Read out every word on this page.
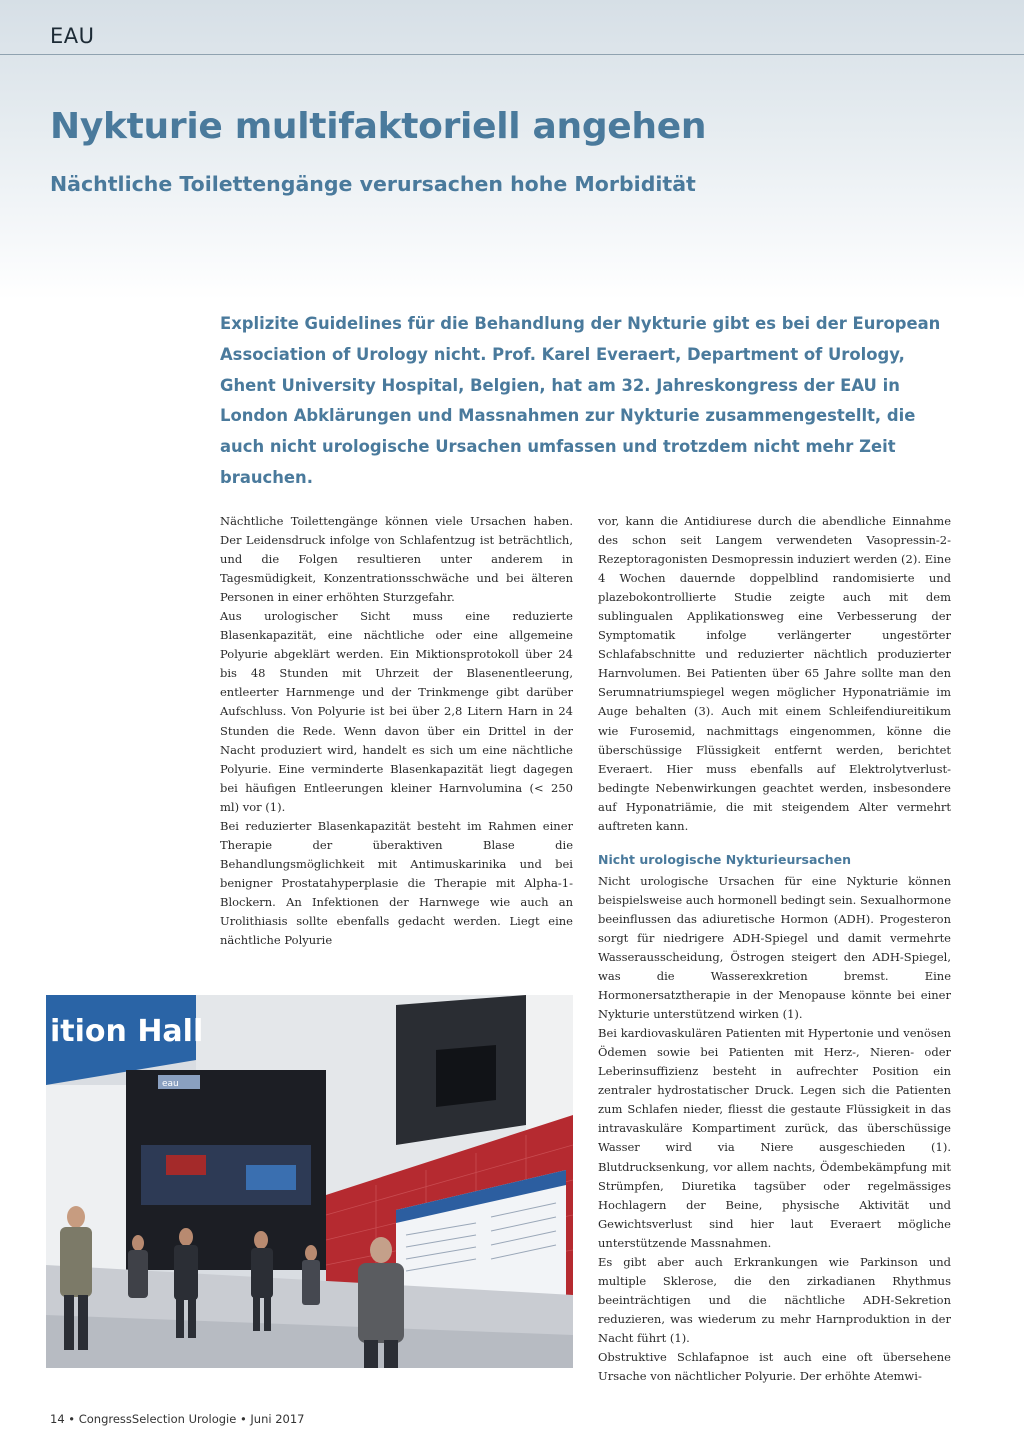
EAU
Nykturie multifaktoriell angehen
Nächtliche Toilettengänge verursachen hohe Morbidität

Explizite Guidelines für die Behandlung der Nykturie gibt es bei der European Association of Urology nicht. Prof. Karel Everaert, Department of Urology, Ghent University Hospital, Belgien, hat am 32. Jahreskongress der EAU in London Abklärungen und Massnahmen zur Nykturie zusammengestellt, die auch nicht urologische Ursachen umfassen und trotzdem nicht mehr Zeit brauchen.

Nächtliche Toilettengänge können viele Ursachen haben. Der Leidensdruck infolge von Schlafentzug ist beträchtlich, und die Folgen resultieren unter anderem in Tagesmüdigkeit, Konzentrationsschwäche und bei älteren Personen in einer erhöhten Sturzgefahr.

Aus urologischer Sicht muss eine reduzierte Blasenkapazität, eine nächtliche oder eine allgemeine Polyurie abgeklärt werden. Ein Miktionsprotokoll über 24 bis 48 Stunden mit Uhrzeit der Blasenentleerung, entleerter Harnmenge und der Trinkmenge gibt darüber Aufschluss. Von Polyurie ist bei über 2,8 Litern Harn in 24 Stunden die Rede. Wenn davon über ein Drittel in der Nacht produziert wird, handelt es sich um eine nächtliche Polyurie. Eine verminderte Blasenkapazität liegt dagegen bei häufigen Entleerungen kleiner Harnvolumina (< 250 ml) vor (1).

Bei reduzierter Blasenkapazität besteht im Rahmen einer Therapie der überaktiven Blase die Behandlungsmöglichkeit mit Antimuskarinika und bei benigner Prostatahyperplasie die Therapie mit Alpha-1-Blockern. An Infektionen der Harnwege wie auch an Urolithiasis sollte ebenfalls gedacht werden. Liegt eine nächtliche Polyurie

vor, kann die Antidiurese durch die abendliche Einnahme des schon seit Langem verwendeten Vasopressin-2-Rezeptoragonisten Desmopressin induziert werden (2). Eine 4 Wochen dauernde doppelblind randomisierte und plazebokontrollierte Studie zeigte auch mit dem sublingualen Applikationsweg eine Verbesserung der Symptomatik infolge verlängerter ungestörter Schlafabschnitte und reduzierter nächtlich produzierter Harnvolumen. Bei Patienten über 65 Jahre sollte man den Serumnatriumspiegel wegen möglicher Hyponatriämie im Auge behalten (3). Auch mit einem Schleifendiureitikum wie Furosemid, nachmittags eingenommen, könne die überschüssige Flüssigkeit entfernt werden, berichtet Everaert. Hier muss ebenfalls auf Elektrolytverlust-bedingte Nebenwirkungen geachtet werden, insbesondere auf Hyponatriämie, die mit steigendem Alter vermehrt auftreten kann.

Nicht urologische Nykturieursachen

Nicht urologische Ursachen für eine Nykturie können beispielsweise auch hormonell bedingt sein. Sexualhormone beeinflussen das adiuretische Hormon (ADH). Progesteron sorgt für niedrigere ADH-Spiegel und damit vermehrte Wasserausscheidung, Östrogen steigert den ADH-Spiegel, was die Wasserexkretion bremst. Eine Hormonersatztherapie in der Menopause könnte bei einer Nykturie unterstützend wirken (1).

Bei kardiovaskulären Patienten mit Hypertonie und venösen Ödemen sowie bei Patienten mit Herz-, Nieren- oder Leberinsuffizienz besteht in aufrechter Position ein zentraler hydrostatischer Druck. Legen sich die Patienten zum Schlafen nieder, fliesst die gestaute Flüssigkeit in das intravaskuläre Kompartiment zurück, das überschüssige Wasser wird via Niere ausgeschieden (1). Blutdrucksenkung, vor allem nachts, Ödembekämpfung mit Strümpfen, Diuretika tagsüber oder regelmässiges Hochlagern der Beine, physische Aktivität und Gewichtsverlust sind hier laut Everaert mögliche unterstützende Massnahmen.

Es gibt aber auch Erkrankungen wie Parkinson und multiple Sklerose, die den zirkadianen Rhythmus beeinträchtigen und die nächtliche ADH-Sekretion reduzieren, was wiederum zu mehr Harnproduktion in der Nacht führt (1).

Obstruktive Schlafapnoe ist auch eine oft übersehene Ursache von nächtlicher Polyurie. Der erhöhte Atemwi-

ition Hall
eau
14 • CongressSelection Urologie • Juni 2017
